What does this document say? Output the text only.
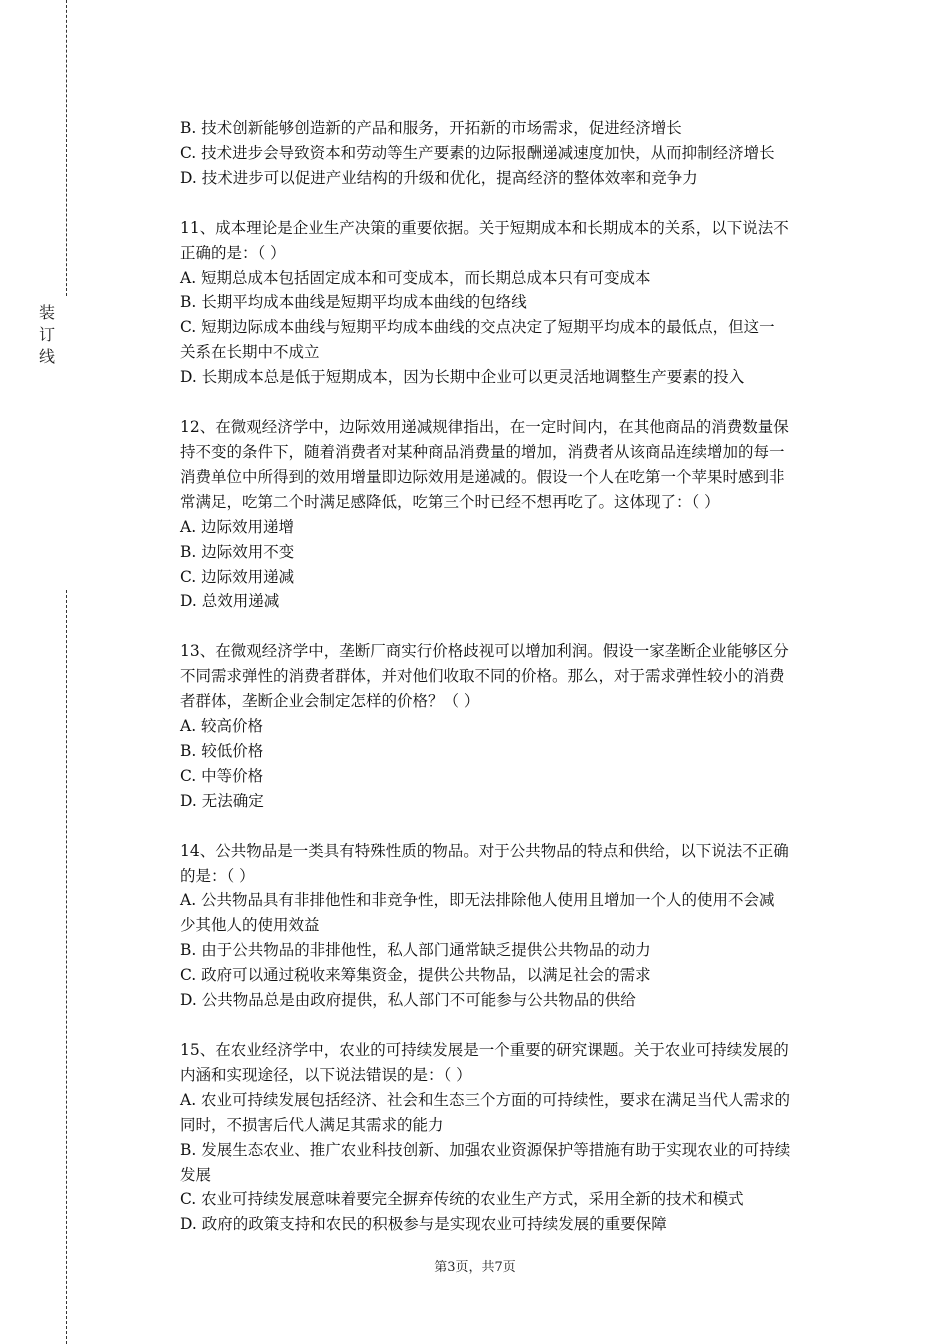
装
订
线
B. 技术创新能够创造新的产品和服务，开拓新的市场需求，促进经济增长
C. 技术进步会导致资本和劳动等生产要素的边际报酬递减速度加快，从而抑制经济增长
D. 技术进步可以促进产业结构的升级和优化，提高经济的整体效率和竞争力
11、成本理论是企业生产决策的重要依据。关于短期成本和长期成本的关系，以下说法不
正确的是：（ ）
A. 短期总成本包括固定成本和可变成本，而长期总成本只有可变成本
B. 长期平均成本曲线是短期平均成本曲线的包络线
C. 短期边际成本曲线与短期平均成本曲线的交点决定了短期平均成本的最低点，但这一
关系在长期中不成立
D. 长期成本总是低于短期成本，因为长期中企业可以更灵活地调整生产要素的投入
12、在微观经济学中，边际效用递减规律指出，在一定时间内，在其他商品的消费数量保
持不变的条件下，随着消费者对某种商品消费量的增加，消费者从该商品连续增加的每一
消费单位中所得到的效用增量即边际效用是递减的。假设一个人在吃第一个苹果时感到非
常满足，吃第二个时满足感降低，吃第三个时已经不想再吃了。这体现了：（ ）
A. 边际效用递增
B. 边际效用不变
C. 边际效用递减
D. 总效用递减
13、在微观经济学中，垄断厂商实行价格歧视可以增加利润。假设一家垄断企业能够区分
不同需求弹性的消费者群体，并对他们收取不同的价格。那么，对于需求弹性较小的消费
者群体，垄断企业会制定怎样的价格？（ ）
A. 较高价格
B. 较低价格
C. 中等价格
D. 无法确定
14、公共物品是一类具有特殊性质的物品。对于公共物品的特点和供给，以下说法不正确
的是：（ ）
A. 公共物品具有非排他性和非竞争性，即无法排除他人使用且增加一个人的使用不会减
少其他人的使用效益
B. 由于公共物品的非排他性，私人部门通常缺乏提供公共物品的动力
C. 政府可以通过税收来筹集资金，提供公共物品，以满足社会的需求
D. 公共物品总是由政府提供，私人部门不可能参与公共物品的供给
15、在农业经济学中，农业的可持续发展是一个重要的研究课题。关于农业可持续发展的
内涵和实现途径，以下说法错误的是：（ ）
A. 农业可持续发展包括经济、社会和生态三个方面的可持续性，要求在满足当代人需求的
同时，不损害后代人满足其需求的能力
B. 发展生态农业、推广农业科技创新、加强农业资源保护等措施有助于实现农业的可持续
发展
C. 农业可持续发展意味着要完全摒弃传统的农业生产方式，采用全新的技术和模式
D. 政府的政策支持和农民的积极参与是实现农业可持续发展的重要保障
第3页，共7页
